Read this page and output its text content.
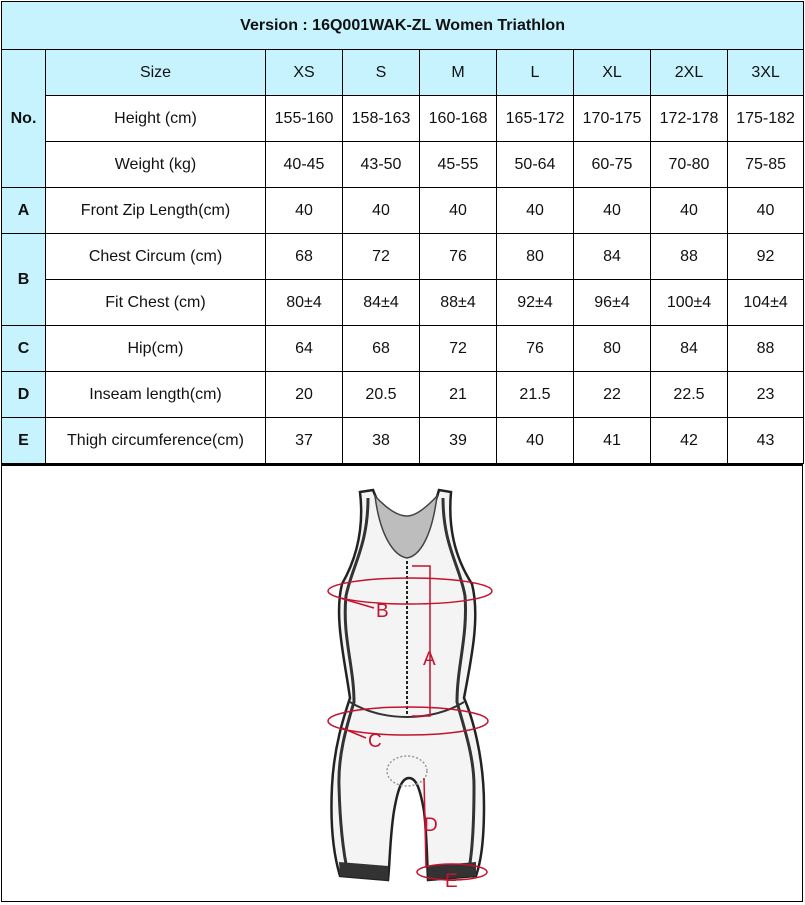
Version : 16Q001WAK-ZL Women Triathlon								
No.	Size	XS	S	M	L	XL	2XL	3XL
	Height (cm)	155-160	158-163	160-168	165-172	170-175	172-178	175-182
	Weight (kg)	40-45	43-50	45-55	50-64	60-75	70-80	75-85
A	Front Zip Length(cm)	40	40	40	40	40	40	40
B	Chest Circum (cm)	68	72	76	80	84	88	92
	Fit Chest (cm)	80±4	84±4	88±4	92±4	96±4	100±4	104±4
C	Hip(cm)	64	68	72	76	80	84	88
D	Inseam length(cm)	20	20.5	21	21.5	22	22.5	23
E	Thigh circumference(cm)	37	38	39	40	41	42	43
B
A
C
D
E
